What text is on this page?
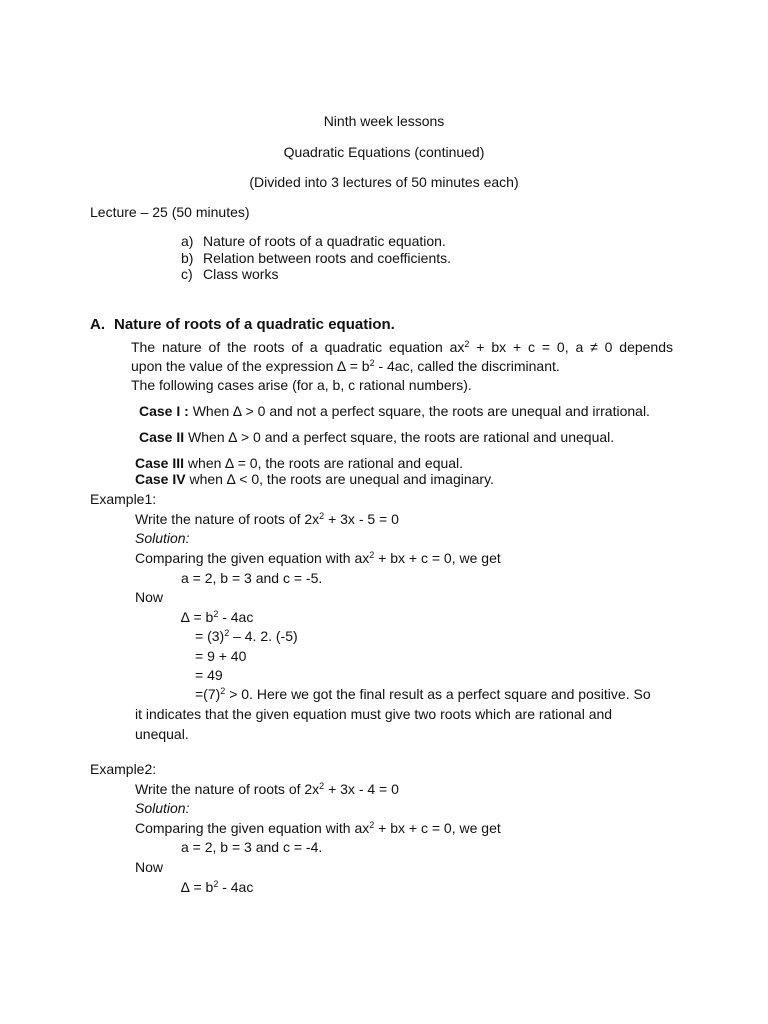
Ninth week lessons
Quadratic Equations (continued)
(Divided into 3 lectures of 50 minutes each)
Lecture – 25 (50 minutes)
a) Nature of roots of a quadratic equation.
b) Relation between roots and coefficients.
c) Class works
A. Nature of roots of a quadratic equation.
The nature of the roots of a quadratic equation $ax^2$ + bx + c = 0, a ≠ 0 depends
upon the value of the expression ∆ = $b^2 - 4ac$, called the discriminant.
The following cases arise (for a, b, c rational numbers).
Case I : When ∆ > 0 and not a perfect square, the roots are unequal and irrational.
Case II When ∆ > 0 and a perfect square, the roots are rational and unequal.
Case III when ∆ = 0, the roots are rational and equal.
Case IV when ∆ < 0, the roots are unequal and imaginary.
Example1:
Write the nature of roots of $2x^2 + 3x - 5 = 0$
Solution:
Comparing the given equation with $ax^2$ + bx + c = 0, we get
a = 2, b = 3 and c = -5.
Now
∆ = $b^2 - 4ac$
= $(3)^2 - 4$. 2. (-5)
= 9 + 40
= 49
$=(7)^2 > 0$. Here we got the final result as a perfect square and positive. So
it indicates that the given equation must give two roots which are rational and
unequal.
Example2:
Write the nature of roots of $2x^2 + 3x - 4 = 0$
Solution:
Comparing the given equation with $ax^2$ + bx + c = 0, we get
a = 2, b = 3 and c = -4.
Now
∆ = $b^2 - 4ac$
